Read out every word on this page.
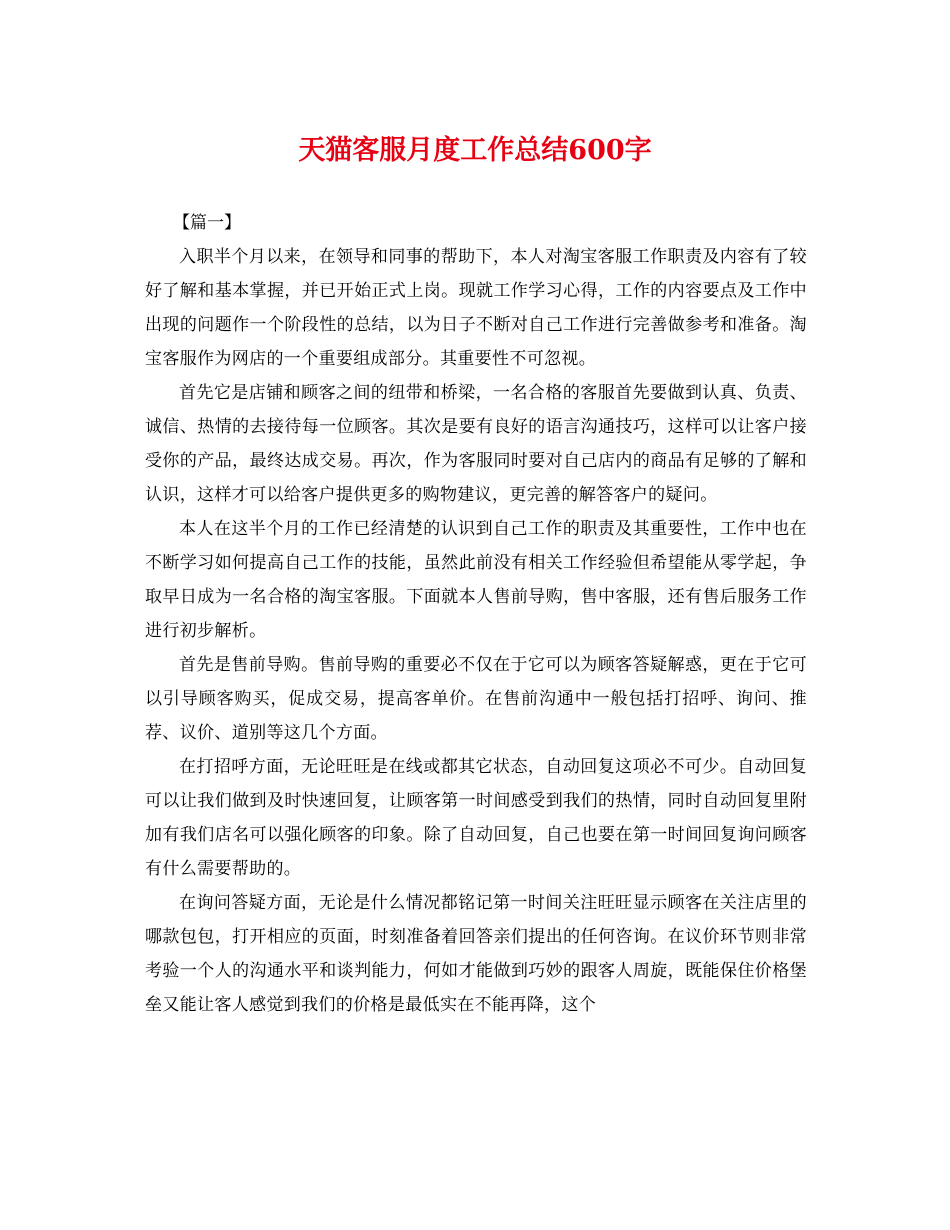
天猫客服月度工作总结600字

【篇一】

入职半个月以来，在领导和同事的帮助下，本人对淘宝客服工作职责及内容有了较好了解和基本掌握，并已开始正式上岗。现就工作学习心得，工作的内容要点及工作中出现的问题作一个阶段性的总结，以为日子不断对自己工作进行完善做参考和准备。淘宝客服作为网店的一个重要组成部分。其重要性不可忽视。

首先它是店铺和顾客之间的纽带和桥梁，一名合格的客服首先要做到认真、负责、诚信、热情的去接待每一位顾客。其次是要有良好的语言沟通技巧，这样可以让客户接受你的产品，最终达成交易。再次，作为客服同时要对自己店内的商品有足够的了解和认识，这样才可以给客户提供更多的购物建议，更完善的解答客户的疑问。

本人在这半个月的工作已经清楚的认识到自己工作的职责及其重要性，工作中也在不断学习如何提高自己工作的技能，虽然此前没有相关工作经验但希望能从零学起，争取早日成为一名合格的淘宝客服。下面就本人售前导购，售中客服，还有售后服务工作进行初步解析。

首先是售前导购。售前导购的重要必不仅在于它可以为顾客答疑解惑，更在于它可以引导顾客购买，促成交易，提高客单价。在售前沟通中一般包括打招呼、询问、推荐、议价、道别等这几个方面。

在打招呼方面，无论旺旺是在线或都其它状态，自动回复这项必不可少。自动回复可以让我们做到及时快速回复，让顾客第一时间感受到我们的热情，同时自动回复里附加有我们店名可以强化顾客的印象。除了自动回复，自己也要在第一时间回复询问顾客有什么需要帮助的。

在询问答疑方面，无论是什么情况都铭记第一时间关注旺旺显示顾客在关注店里的哪款包包，打开相应的页面，时刻准备着回答亲们提出的任何咨询。在议价环节则非常考验一个人的沟通水平和谈判能力，何如才能做到巧妙的跟客人周旋，既能保住价格堡垒又能让客人感觉到我们的价格是最低实在不能再降，这个
